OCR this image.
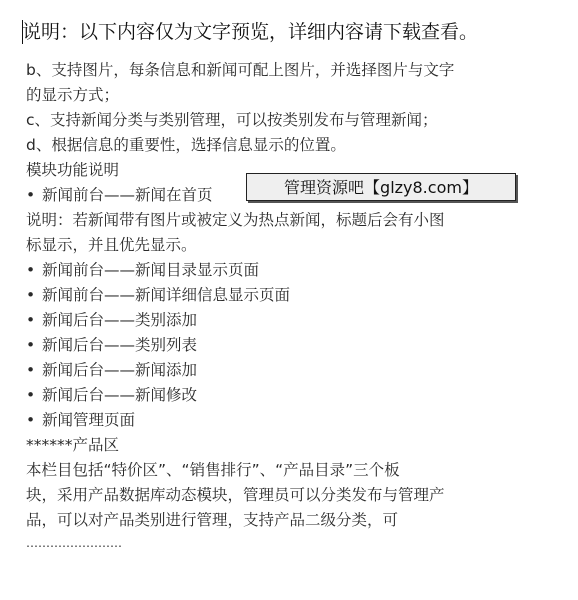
说明：以下内容仅为文字预览，详细内容请下载查看。
b、支持图片，每条信息和新闻可配上图片，并选择图片与文字
的显示方式；
c、支持新闻分类与类别管理，可以按类别发布与管理新闻；
d、根据信息的重要性，选择信息显示的位置。
模块功能说明
• 新闻前台——新闻在首页
说明：若新闻带有图片或被定义为热点新闻，标题后会有小图
标显示，并且优先显示。
• 新闻前台——新闻目录显示页面
• 新闻前台——新闻详细信息显示页面
• 新闻后台——类别添加
• 新闻后台——类别列表
• 新闻后台——新闻添加
• 新闻后台——新闻修改
• 新闻管理页面
******产品区
本栏目包括“特价区”、“销售排行”、“产品目录”三个板
块，采用产品数据库动态模块，管理员可以分类发布与管理产
品，可以对产品类别进行管理，支持产品二级分类，可
……………………
管理资源吧【glzy8.com】
